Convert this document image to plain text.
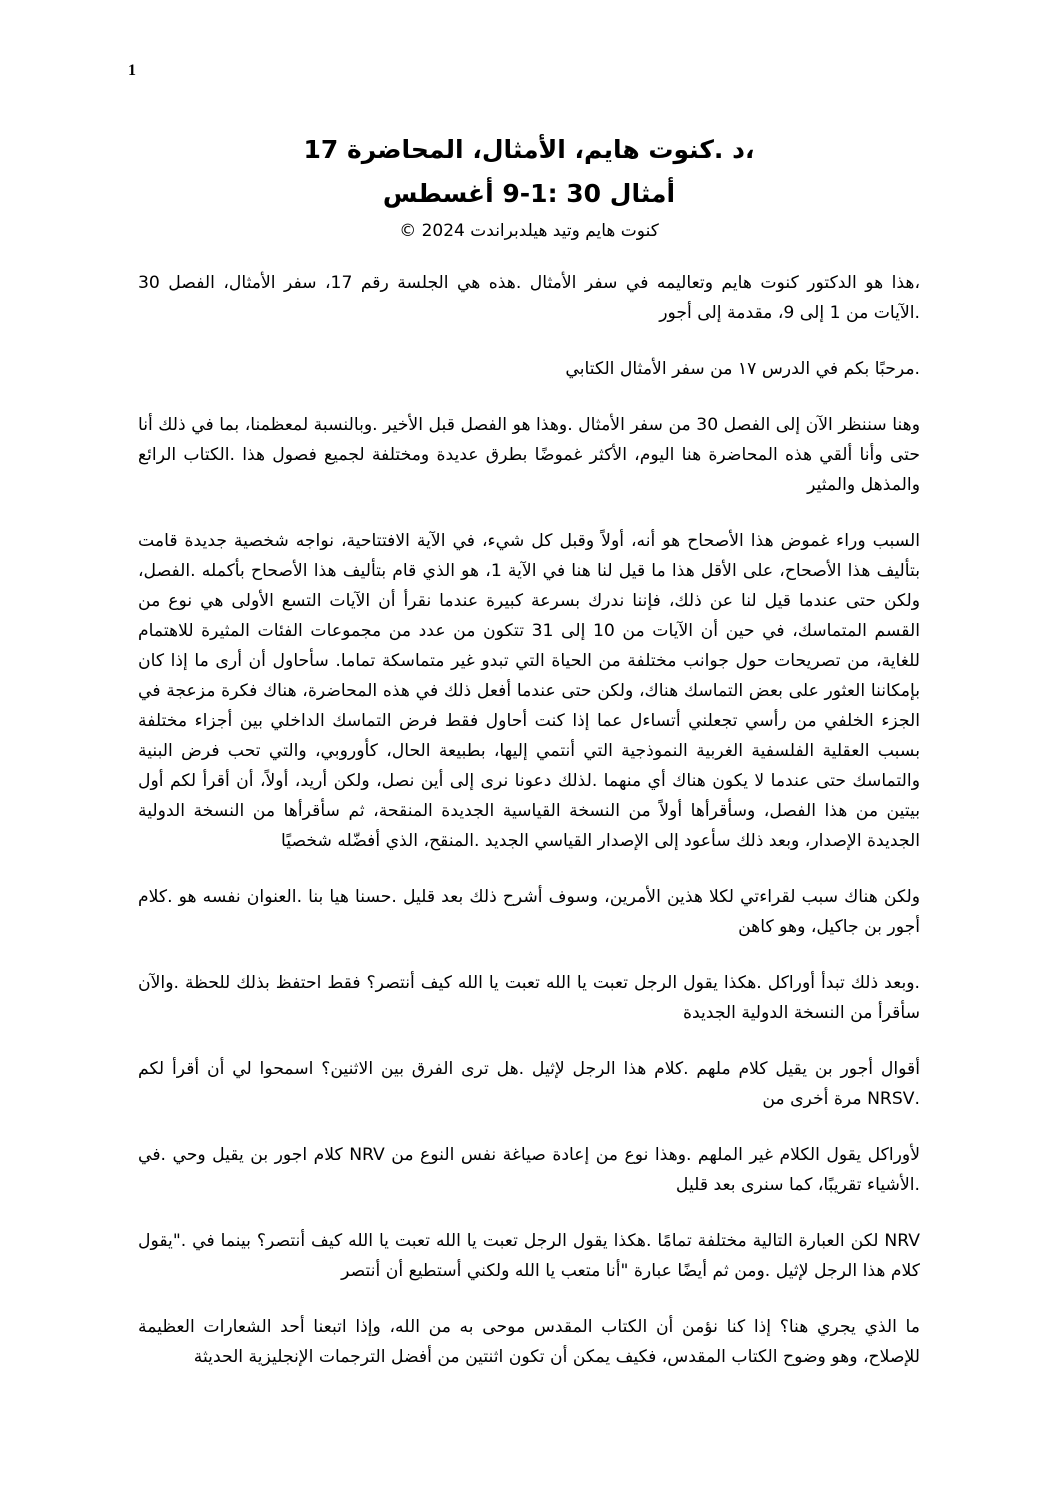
1

،د .كنوت هايم، الأمثال، المحاضرة 17

أمثال 30 :1-9 أغسطس

كنوت هايم وتيد هيلدبراندت 2024 ©

،هذا هو الدكتور كنوت هايم وتعاليمه في سفر الأمثال .هذه هي الجلسة رقم 17، سفر الأمثال، الفصل 30 .الآيات من 1 إلى 9، مقدمة إلى أجور

.مرحبًا بكم في الدرس ١٧ من سفر الأمثال الكتابي

وهنا سننظر الآن إلى الفصل 30 من سفر الأمثال .وهذا هو الفصل قبل الأخير .وبالنسبة لمعظمنا، بما في ذلك أنا حتى وأنا ألقي هذه المحاضرة هنا اليوم، الأكثر غموضًا بطرق عديدة ومختلفة لجميع فصول هذا .الكتاب الرائع والمذهل والمثير

السبب وراء غموض هذا الأصحاح هو أنه، أولاً وقبل كل شيء، في الآية الافتتاحية، نواجه شخصية جديدة قامت بتأليف هذا الأصحاح، على الأقل هذا ما قيل لنا هنا في الآية 1، هو الذي قام بتأليف هذا الأصحاح بأكمله .الفصل، ولكن حتى عندما قيل لنا عن ذلك، فإننا ندرك بسرعة كبيرة عندما نقرأ أن الآيات التسع الأولى هي نوع من القسم المتماسك، في حين أن الآيات من 10 إلى 31 تتكون من عدد من مجموعات الفئات المثيرة للاهتمام للغاية، من تصريحات حول جوانب مختلفة من الحياة التي تبدو غير متماسكة تماما. سأحاول أن أرى ما إذا كان بإمكاننا العثور على بعض التماسك هناك، ولكن حتى عندما أفعل ذلك في هذه المحاضرة، هناك فكرة مزعجة في الجزء الخلفي من رأسي تجعلني أتساءل عما إذا كنت أحاول فقط فرض التماسك الداخلي بين أجزاء مختلفة بسبب العقلية الفلسفية الغربية النموذجية التي أنتمي إليها، بطبيعة الحال، كأوروبي، والتي تحب فرض البنية والتماسك حتى عندما لا يكون هناك أي منهما .لذلك دعونا نرى إلى أين نصل، ولكن أريد، أولاً، أن أقرأ لكم أول بيتين من هذا الفصل، وسأقرأها أولاً من النسخة القياسية الجديدة المنقحة، ثم سأقرأها من النسخة الدولية الجديدة الإصدار، وبعد ذلك سأعود إلى الإصدار القياسي الجديد .المنقح، الذي أفضّله شخصيًا

ولكن هناك سبب لقراءتي لكلا هذين الأمرين، وسوف أشرح ذلك بعد قليل .حسنا هيا بنا .العنوان نفسه هو .كلام أجور بن جاكيل، وهو كاهن

.وبعد ذلك تبدأ أوراكل .هكذا يقول الرجل تعبت يا الله تعبت يا الله كيف أنتصر؟ فقط احتفظ بذلك للحظة .والآن سأقرأ من النسخة الدولية الجديدة

أقوال أجور بن يقيل كلام ملهم .كلام هذا الرجل لإثيل .هل ترى الفرق بين الاثنين؟ اسمحوا لي أن أقرأ لكم .NRSV مرة أخرى من

لأوراكل يقول الكلام غير الملهم .وهذا نوع من إعادة صياغة نفس النوع من NRV كلام اجور بن يقيل وحي .في .الأشياء تقريبًا، كما سنرى بعد قليل

NRV لكن العبارة التالية مختلفة تمامًا .هكذا يقول الرجل تعبت يا الله تعبت يا الله كيف أنتصر؟ بينما في ."يقول كلام هذا الرجل لإثيل .ومن ثم أيضًا عبارة "أنا متعب يا الله ولكني أستطيع أن أنتصر

ما الذي يجري هنا؟ إذا كنا نؤمن أن الكتاب المقدس موحى به من الله، وإذا اتبعنا أحد الشعارات العظيمة للإصلاح، وهو وضوح الكتاب المقدس، فكيف يمكن أن تكون اثنتين من أفضل الترجمات الإنجليزية الحديثة
